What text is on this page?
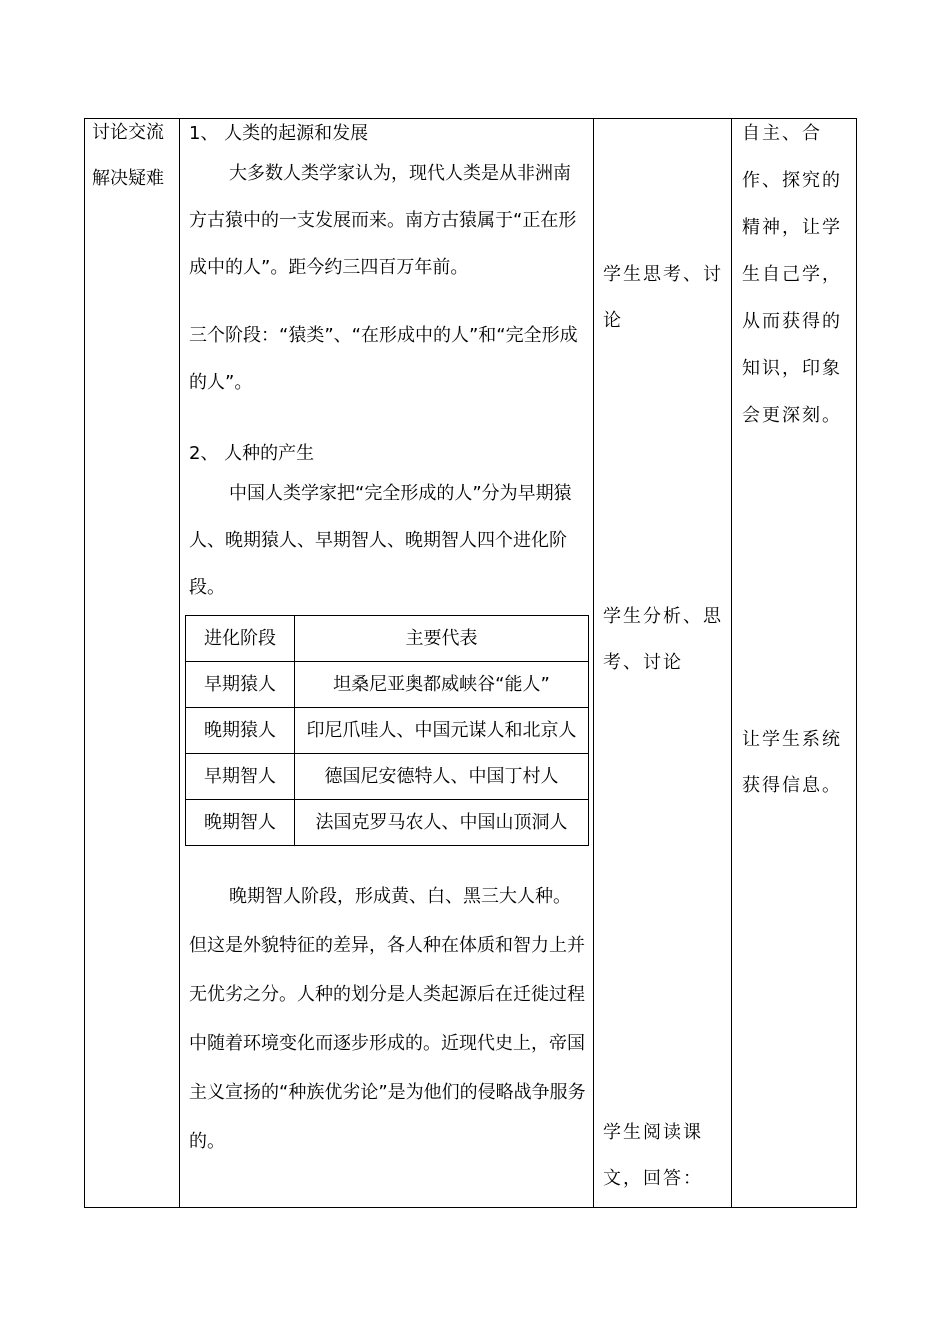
讨论交流
解决疑难
1、 人类的起源和发展
大多数人类学家认为，现代人类是从非洲南方古猿中的一支发展而来。南方古猿属于“正在形成中的人”。距今约三四百万年前。
三个阶段：“猿类”、“在形成中的人”和“完全形成的人”。
2、 人种的产生
中国人类学家把“完全形成的人”分为早期猿人、晚期猿人、早期智人、晚期智人四个进化阶段。
进化阶段	主要代表
早期猿人	坦桑尼亚奥都威峡谷“能人”
晚期猿人	印尼爪哇人、中国元谋人和北京人
早期智人	德国尼安德特人、中国丁村人
晚期智人	法国克罗马农人、中国山顶洞人
晚期智人阶段，形成黄、白、黑三大人种。但这是外貌特征的差异，各人种在体质和智力上并无优劣之分。人种的划分是人类起源后在迁徙过程中随着环境变化而逐步形成的。近现代史上，帝国主义宣扬的“种族优劣论”是为他们的侵略战争服务的。
学生思考、讨论
学生分析、思考、讨论
学生阅读课文，回答：
自主、合作、探究的精神，让学生自己学，从而获得的知识，印象会更深刻。
让学生系统获得信息。
